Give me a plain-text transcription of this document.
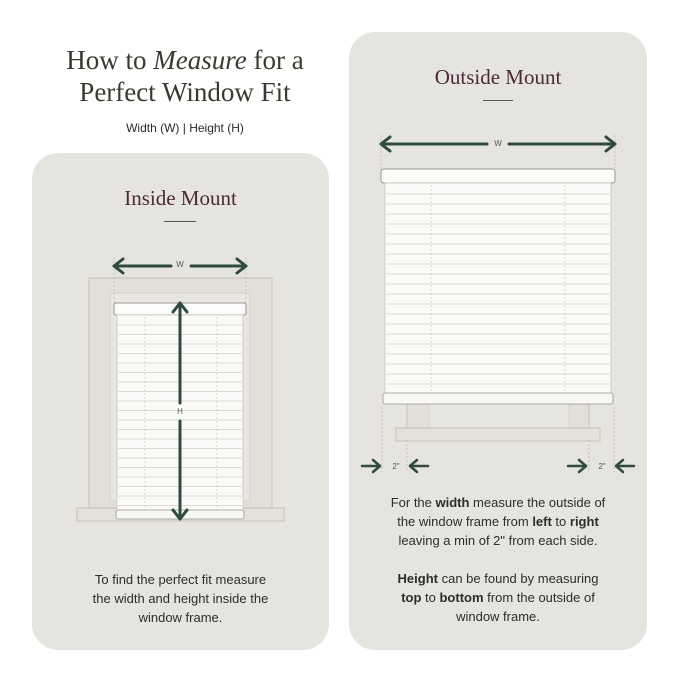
How to Measure for a
Perfect Window Fit
Width (W) | Height (H)
Inside Mount
W
H
To find the perfect fit measure
the width and height inside the
window frame.
Outside Mount
W
2"	2"
For the width measure the outside of
the window frame from left to right
leaving a min of 2" from each side.
Height can be found by measuring
top to bottom from the outside of
window frame.
